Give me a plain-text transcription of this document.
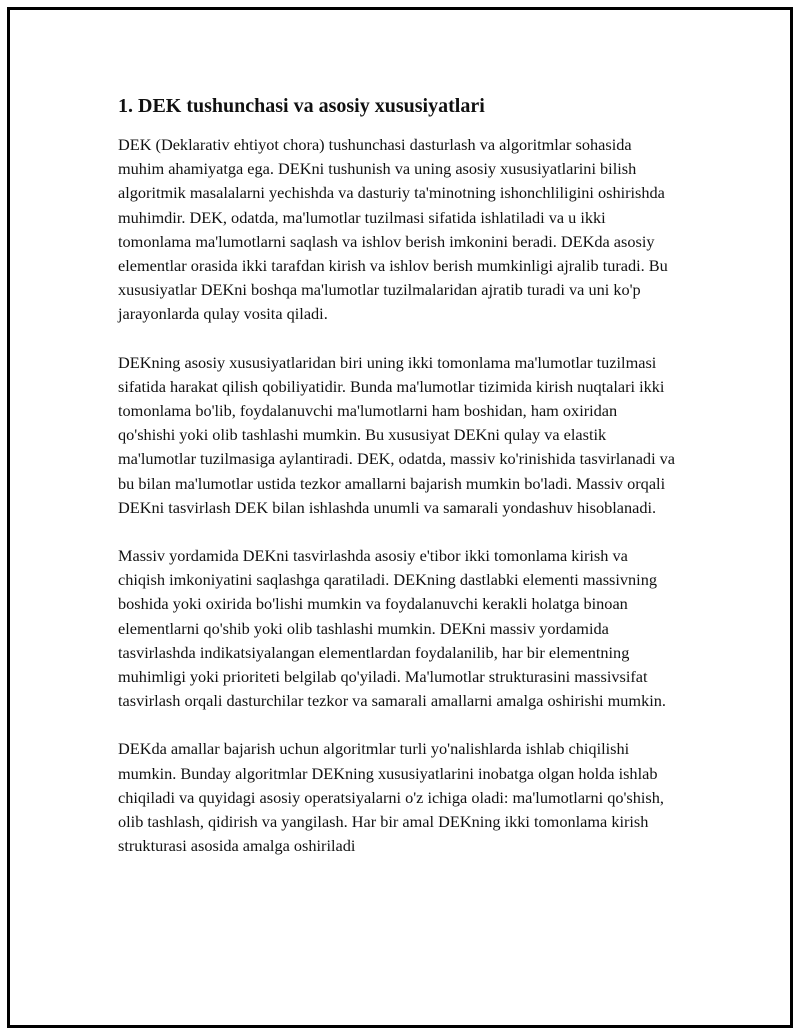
1. DEK tushunchasi va asosiy xususiyatlari

DEK (Deklarativ ehtiyot chora) tushunchasi dasturlash va algoritmlar sohasida muhim ahamiyatga ega. DEKni tushunish va uning asosiy xususiyatlarini bilish algoritmik masalalarni yechishda va dasturiy ta'minotning ishonchliligini oshirishda muhimdir. DEK, odatda, ma'lumotlar tuzilmasi sifatida ishlatiladi va u ikki tomonlama ma'lumotlarni saqlash va ishlov berish imkonini beradi. DEKda asosiy elementlar orasida ikki tarafdan kirish va ishlov berish mumkinligi ajralib turadi. Bu xususiyatlar DEKni boshqa ma'lumotlar tuzilmalaridan ajratib turadi va uni ko'p jarayonlarda qulay vosita qiladi.

DEKning asosiy xususiyatlaridan biri uning ikki tomonlama ma'lumotlar tuzilmasi sifatida harakat qilish qobiliyatidir. Bunda ma'lumotlar tizimida kirish nuqtalari ikki tomonlama bo'lib, foydalanuvchi ma'lumotlarni ham boshidan, ham oxiridan qo'shishi yoki olib tashlashi mumkin. Bu xususiyat DEKni qulay va elastik ma'lumotlar tuzilmasiga aylantiradi. DEK, odatda, massiv ko'rinishida tasvirlanadi va bu bilan ma'lumotlar ustida tezkor amallarni bajarish mumkin bo'ladi. Massiv orqali DEKni tasvirlash DEK bilan ishlashda unumli va samarali yondashuv hisoblanadi.

Massiv yordamida DEKni tasvirlashda asosiy e'tibor ikki tomonlama kirish va chiqish imkoniyatini saqlashga qaratiladi. DEKning dastlabki elementi massivning boshida yoki oxirida bo'lishi mumkin va foydalanuvchi kerakli holatga binoan elementlarni qo'shib yoki olib tashlashi mumkin. DEKni massiv yordamida tasvirlashda indikatsiyalangan elementlardan foydalanilib, har bir elementning muhimligi yoki prioriteti belgilab qo'yiladi. Ma'lumotlar strukturasini massivsifat tasvirlash orqali dasturchilar tezkor va samarali amallarni amalga oshirishi mumkin.

DEKda amallar bajarish uchun algoritmlar turli yo'nalishlarda ishlab chiqilishi mumkin. Bunday algoritmlar DEKning xususiyatlarini inobatga olgan holda ishlab chiqiladi va quyidagi asosiy operatsiyalarni o'z ichiga oladi: ma'lumotlarni qo'shish, olib tashlash, qidirish va yangilash. Har bir amal DEKning ikki tomonlama kirish strukturasi asosida amalga oshiriladi
